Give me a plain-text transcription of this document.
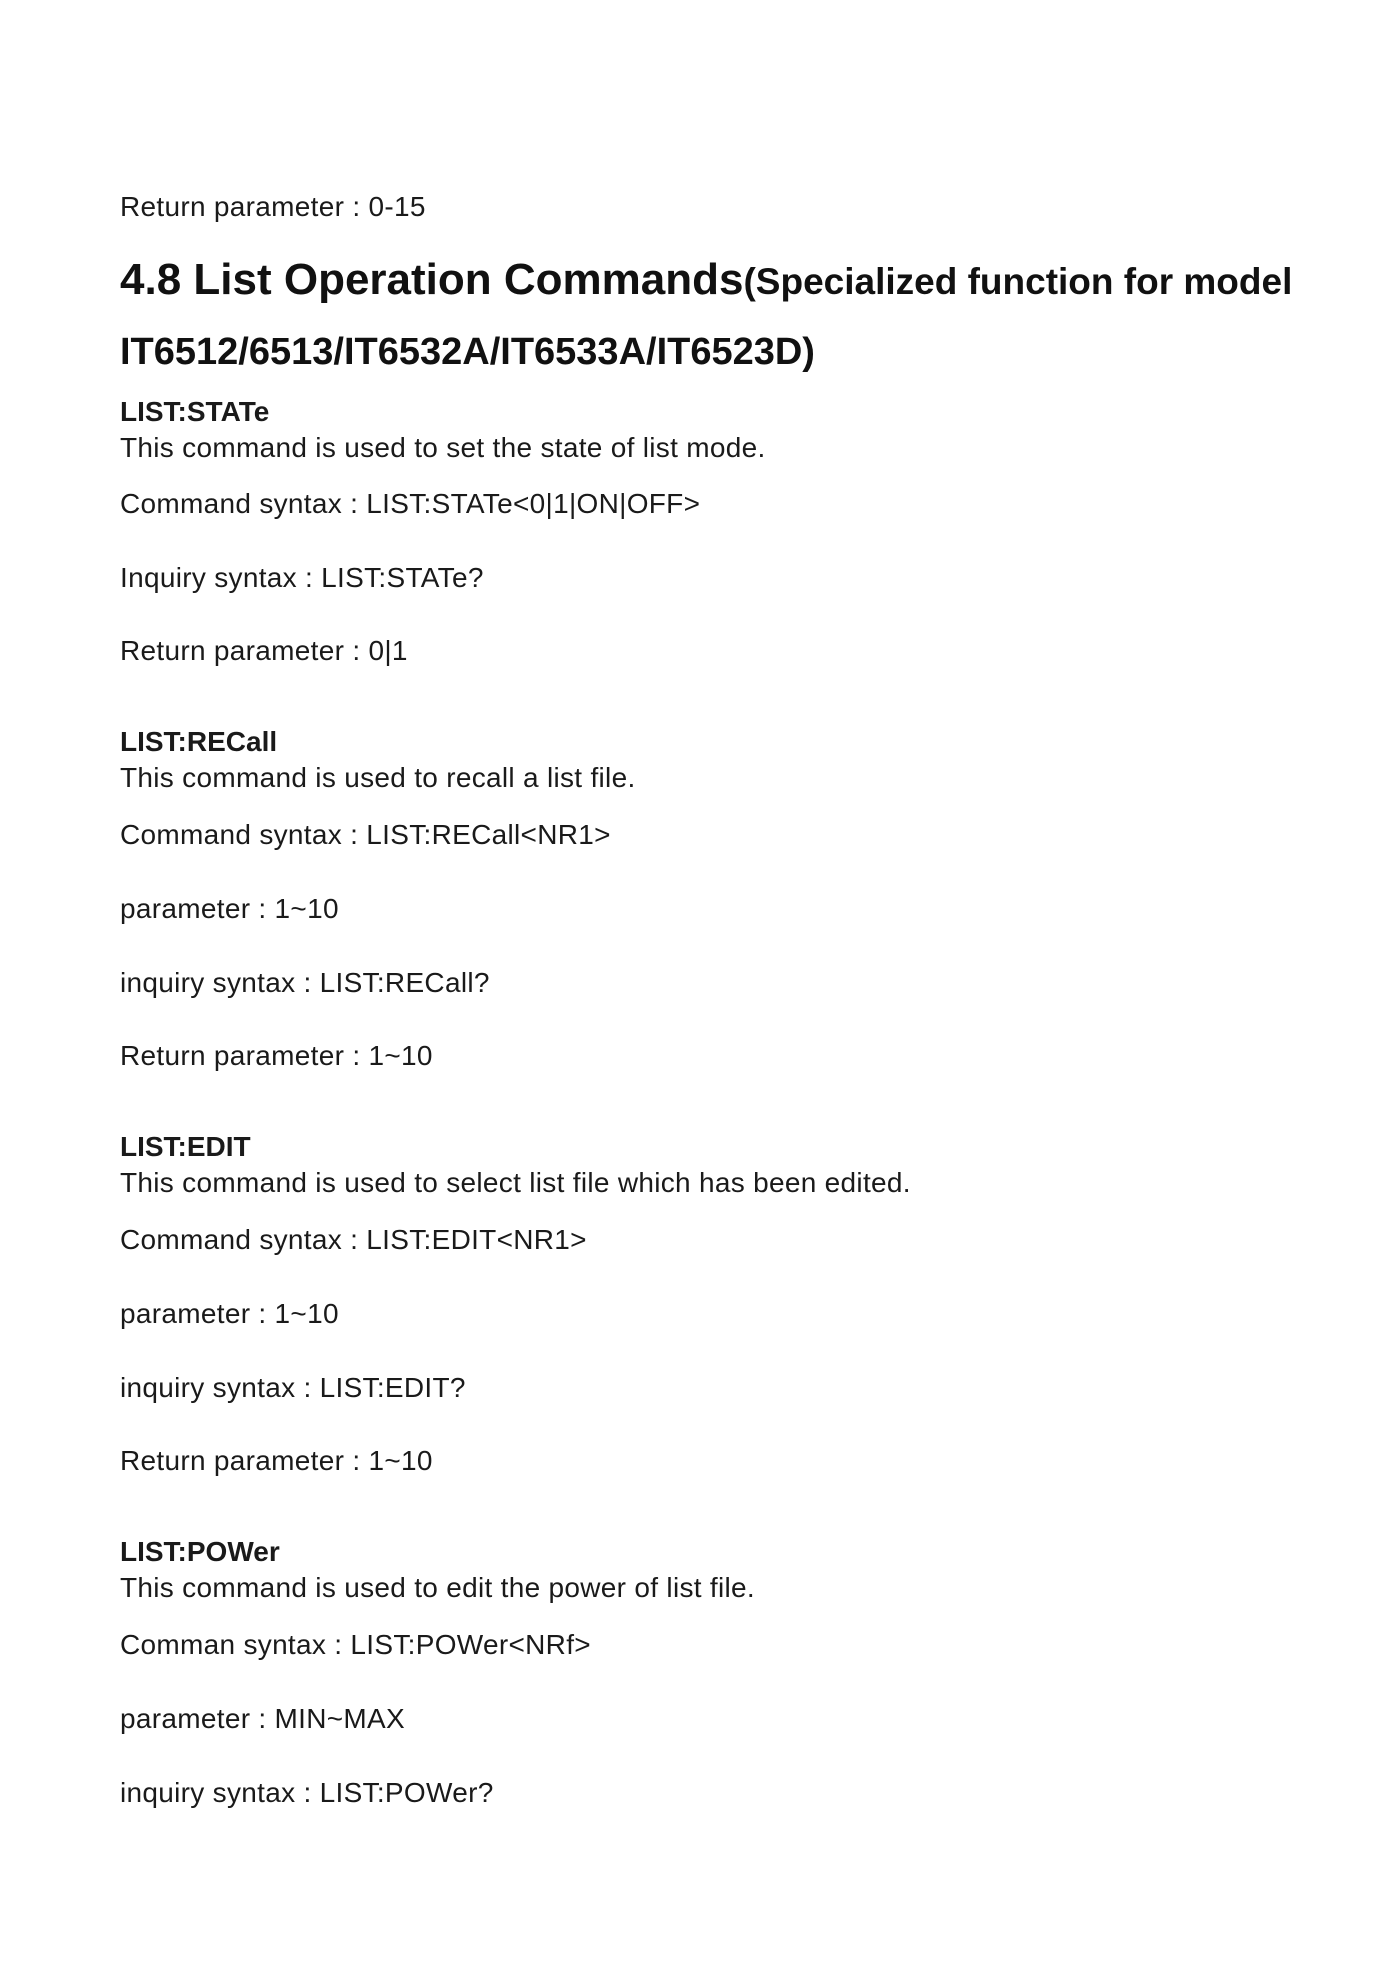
Return parameter : 0-15
4.8 List Operation Commands(Specialized function for model
IT6512/6513/IT6532A/IT6533A/IT6523D)
LIST:STATe
This command is used to set the state of list mode.
Command syntax : LIST:STATe<0|1|ON|OFF>
Inquiry syntax : LIST:STATe?
Return parameter : 0|1
LIST:RECall
This command is used to recall a list file.
Command syntax : LIST:RECall<NR1>
parameter : 1~10
inquiry syntax : LIST:RECall?
Return parameter : 1~10
LIST:EDIT
This command is used to select list file which has been edited.
Command syntax : LIST:EDIT<NR1>
parameter : 1~10
inquiry syntax : LIST:EDIT?
Return parameter : 1~10
LIST:POWer
This command is used to edit the power of list file.
Comman syntax : LIST:POWer<NRf>
parameter : MIN~MAX
inquiry syntax : LIST:POWer?
